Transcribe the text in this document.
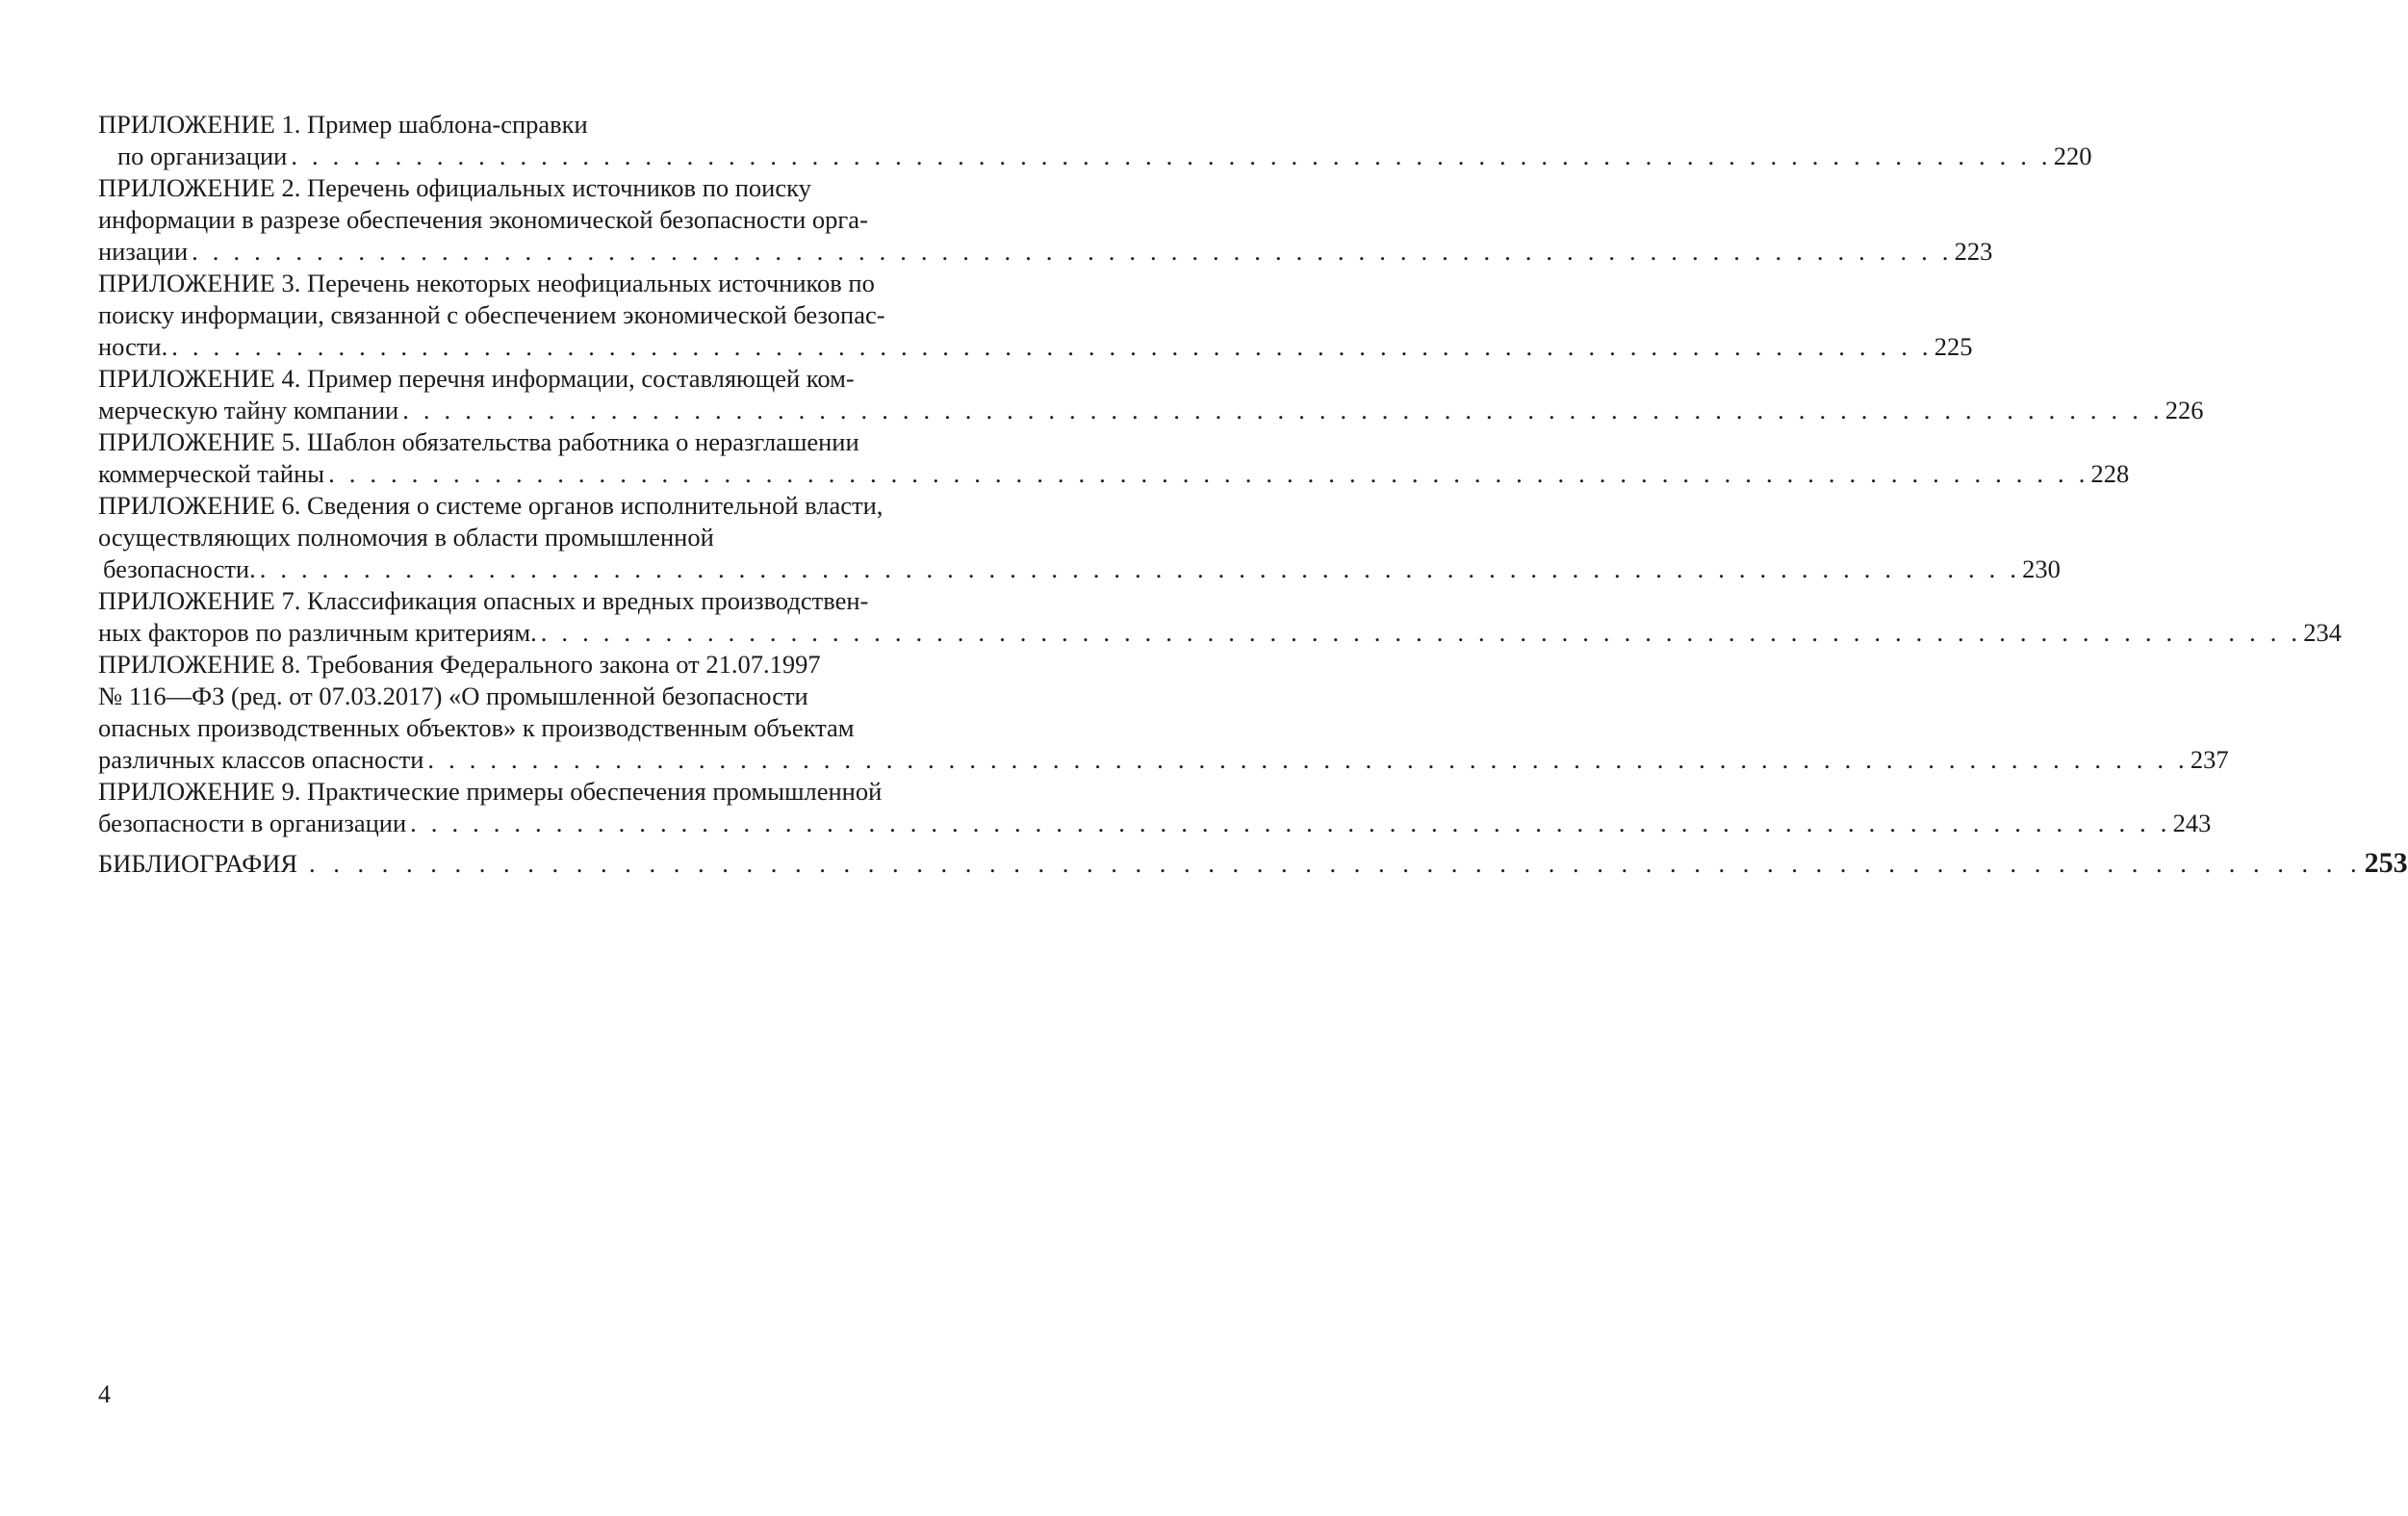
ПРИЛОЖЕНИЕ 1. Пример шаблона-справки
по организации . . . . . . . . . . . . . . . . . . . . . . . . . . . . . . . . . . . . . . . . . . . . . . . . . . . . . . . . . . . . . . . . . . . . . . . . . . . . . . . . . . . . . 220
ПРИЛОЖЕНИЕ 2. Перечень официальных источников по поиску
информации в разрезе обеспечения экономической безопасности орга-
низации . . . . . . . . . . . . . . . . . . . . . . . . . . . . . . . . . . . . . . . . . . . . . . . . . . . . . . . . . . . . . . . . . . . . . . . . . . . . . . . . . . . . . 223
ПРИЛОЖЕНИЕ 3. Перечень некоторых неофициальных источников по
поиску информации, связанной с обеспечением экономической безопас-
ности. . . . . . . . . . . . . . . . . . . . . . . . . . . . . . . . . . . . . . . . . . . . . . . . . . . . . . . . . . . . . . . . . . . . . . . . . . . . . . . . . . . . . . 225
ПРИЛОЖЕНИЕ 4. Пример перечня информации, составляющей ком-
мерческую тайну компании . . . . . . . . . . . . . . . . . . . . . . . . . . . . . . . . . . . . . . . . . . . . . . . . . . . . . . . . . . . . . . . . . . . . . . . . . . . . . . . . . . . . . 226
ПРИЛОЖЕНИЕ 5. Шаблон обязательства работника о неразглашении
коммерческой тайны . . . . . . . . . . . . . . . . . . . . . . . . . . . . . . . . . . . . . . . . . . . . . . . . . . . . . . . . . . . . . . . . . . . . . . . . . . . . . . . . . . . . . 228
ПРИЛОЖЕНИЕ 6. Сведения о системе органов исполнительной власти,
осуществляющих полномочия в области промышленной
безопасности. . . . . . . . . . . . . . . . . . . . . . . . . . . . . . . . . . . . . . . . . . . . . . . . . . . . . . . . . . . . . . . . . . . . . . . . . . . . . . . . . . . . . . 230
ПРИЛОЖЕНИЕ 7. Классификация опасных и вредных производствен-
ных факторов по различным критериям. . . . . . . . . . . . . . . . . . . . . . . . . . . . . . . . . . . . . . . . . . . . . . . . . . . . . . . . . . . . . . . . . . . . . . . . . . . . . . . . . . . . . . 234
ПРИЛОЖЕНИЕ 8. Требования Федерального закона от 21.07.1997
№ 116—ФЗ (ред. от 07.03.2017) «О промышленной безопасности
опасных производственных объектов» к производственным объектам
различных классов опасности . . . . . . . . . . . . . . . . . . . . . . . . . . . . . . . . . . . . . . . . . . . . . . . . . . . . . . . . . . . . . . . . . . . . . . . . . . . . . . . . . . . . . 237
ПРИЛОЖЕНИЕ 9. Практические примеры обеспечения промышленной
безопасности в организации . . . . . . . . . . . . . . . . . . . . . . . . . . . . . . . . . . . . . . . . . . . . . . . . . . . . . . . . . . . . . . . . . . . . . . . . . . . . . . . . . . . . . 243
БИБЛИОГРАФИЯ . . . . . . . . . . . . . . . . . . . . . . . . . . . . . . . . . . . . . . . . . . . . . . . . . . . . . . . . . . . . . . . . . . . . . . . . . . . . . . . . . . . . . 253
4
